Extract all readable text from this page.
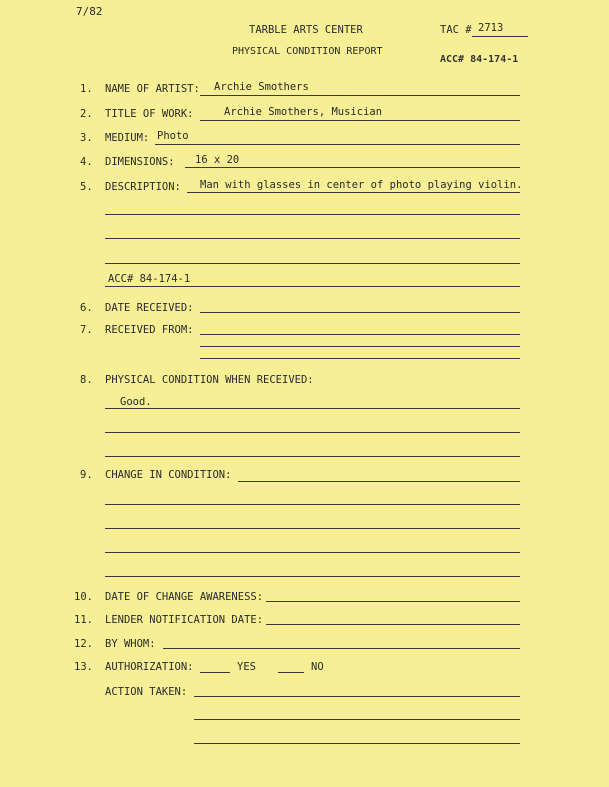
7/82
TARBLE ARTS CENTER	TAC # 2713
PHYSICAL CONDITION REPORT
ACC# 84-174-1
1. NAME OF ARTIST: Archie Smothers
2. TITLE OF WORK:	Archie Smothers, Musician
3. MEDIUM: Photo
4. DIMENSIONS: 16 x 20
5. DESCRIPTION: Man with glasses in center of photo playing violin.
ACC# 84-174-1
6. DATE RECEIVED:
7. RECEIVED FROM:
8. PHYSICAL CONDITION WHEN RECEIVED:
Good.
9. CHANGE IN CONDITION:
10. DATE OF CHANGE AWARENESS:
11. LENDER NOTIFICATION DATE:
12. BY WHOM:
13. AUTHORIZATION:	YES	NO
ACTION TAKEN:
